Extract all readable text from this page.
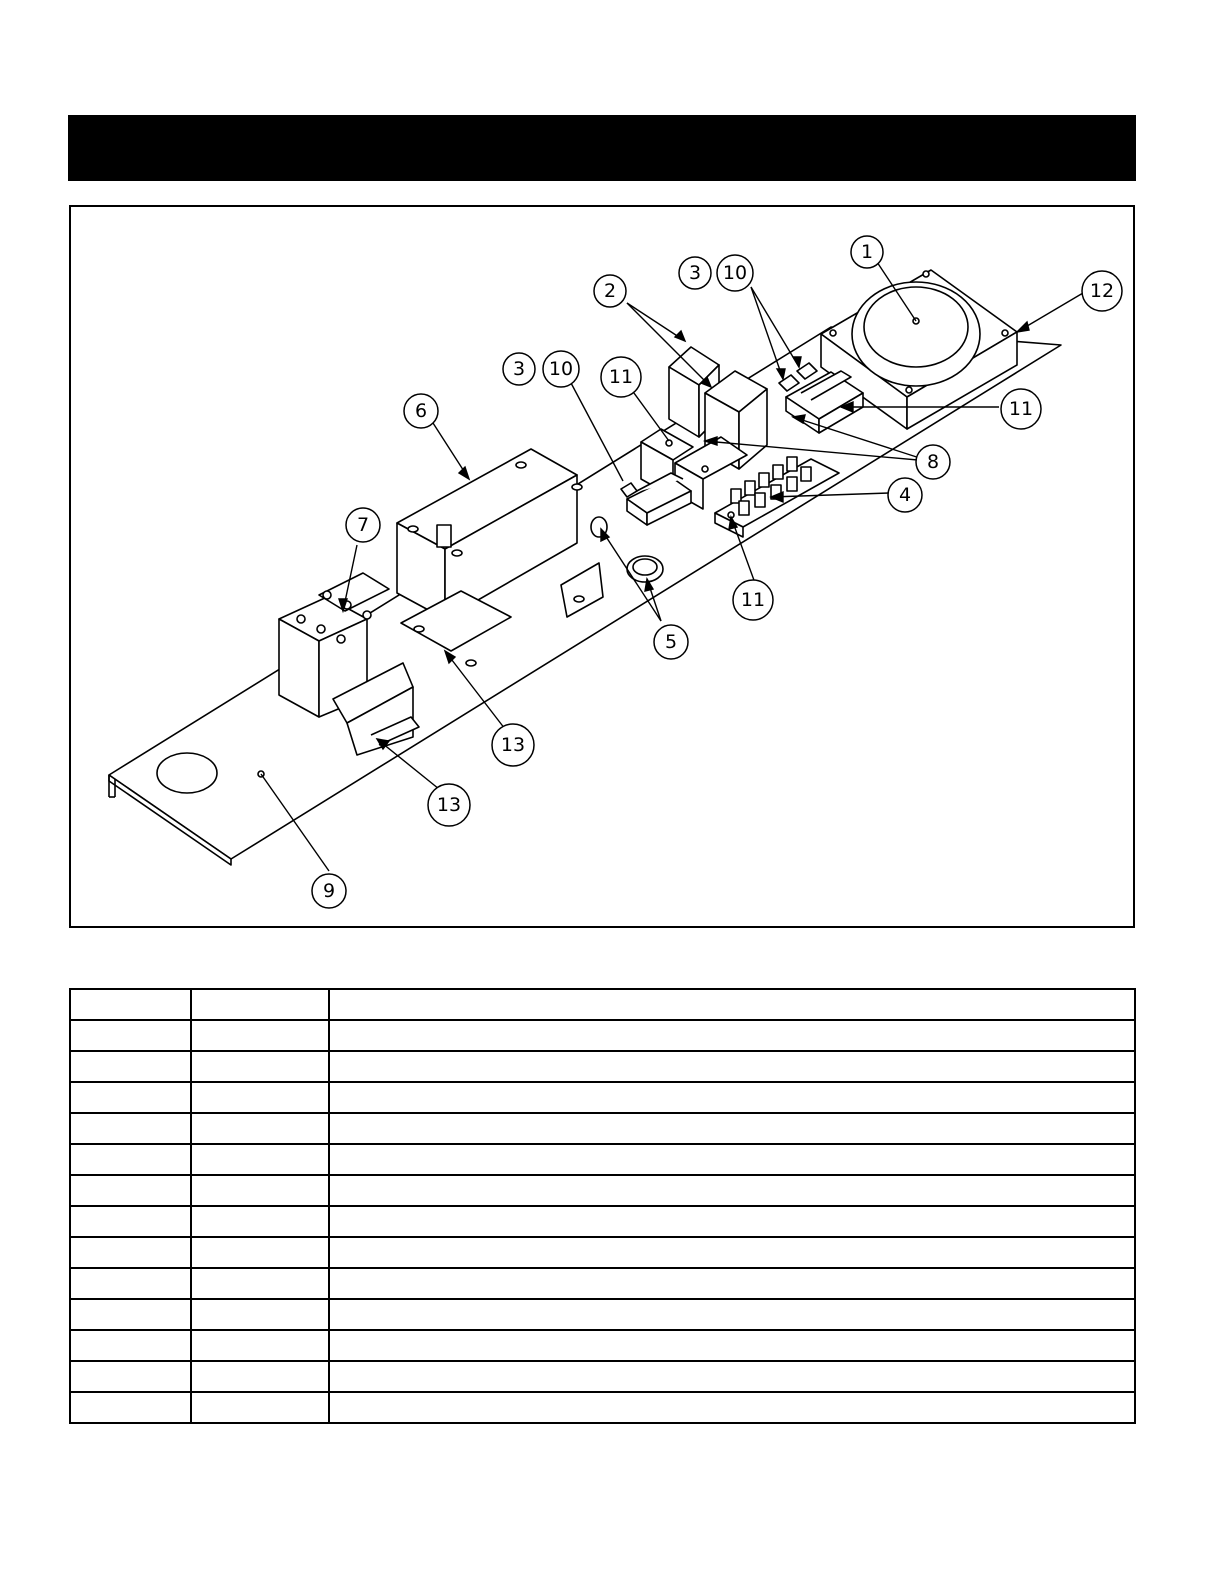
1
2
3 10
3 10
12
11
11
6
8
4
7
11
5
13
13
9
